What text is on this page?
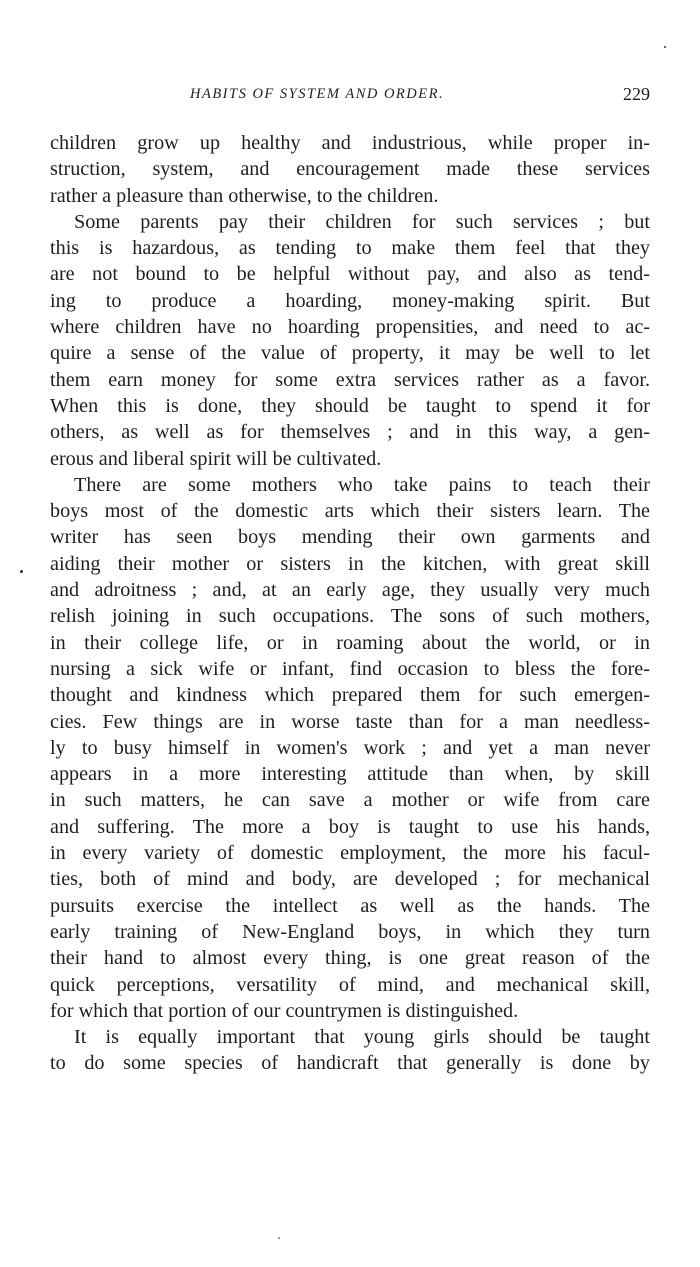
HABITS OF SYSTEM AND ORDER.	229
children grow up healthy and industrious, while proper in-
struction, system, and encouragement made these services
rather a pleasure than otherwise, to the children.
Some parents pay their children for such services ; but
this is hazardous, as tending to make them feel that they
are not bound to be helpful without pay, and also as tend-
ing to produce a hoarding, money-making spirit. But
where children have no hoarding propensities, and need to ac-
quire a sense of the value of property, it may be well to let
them earn money for some extra services rather as a favor.
When this is done, they should be taught to spend it for
others, as well as for themselves ; and in this way, a gen-
erous and liberal spirit will be cultivated.
There are some mothers who take pains to teach their
boys most of the domestic arts which their sisters learn. The
writer has seen boys mending their own garments and
aiding their mother or sisters in the kitchen, with great skill
and adroitness ; and, at an early age, they usually very much
relish joining in such occupations. The sons of such mothers,
in their college life, or in roaming about the world, or in
nursing a sick wife or infant, find occasion to bless the fore-
thought and kindness which prepared them for such emergen-
cies. Few things are in worse taste than for a man needless-
ly to busy himself in women's work ; and yet a man never
appears in a more interesting attitude than when, by skill
in such matters, he can save a mother or wife from care
and suffering. The more a boy is taught to use his hands,
in every variety of domestic employment, the more his facul-
ties, both of mind and body, are developed ; for mechanical
pursuits exercise the intellect as well as the hands. The
early training of New-England boys, in which they turn
their hand to almost every thing, is one great reason of the
quick perceptions, versatility of mind, and mechanical skill,
for which that portion of our countrymen is distinguished.
It is equally important that young girls should be taught
to do some species of handicraft that generally is done by
